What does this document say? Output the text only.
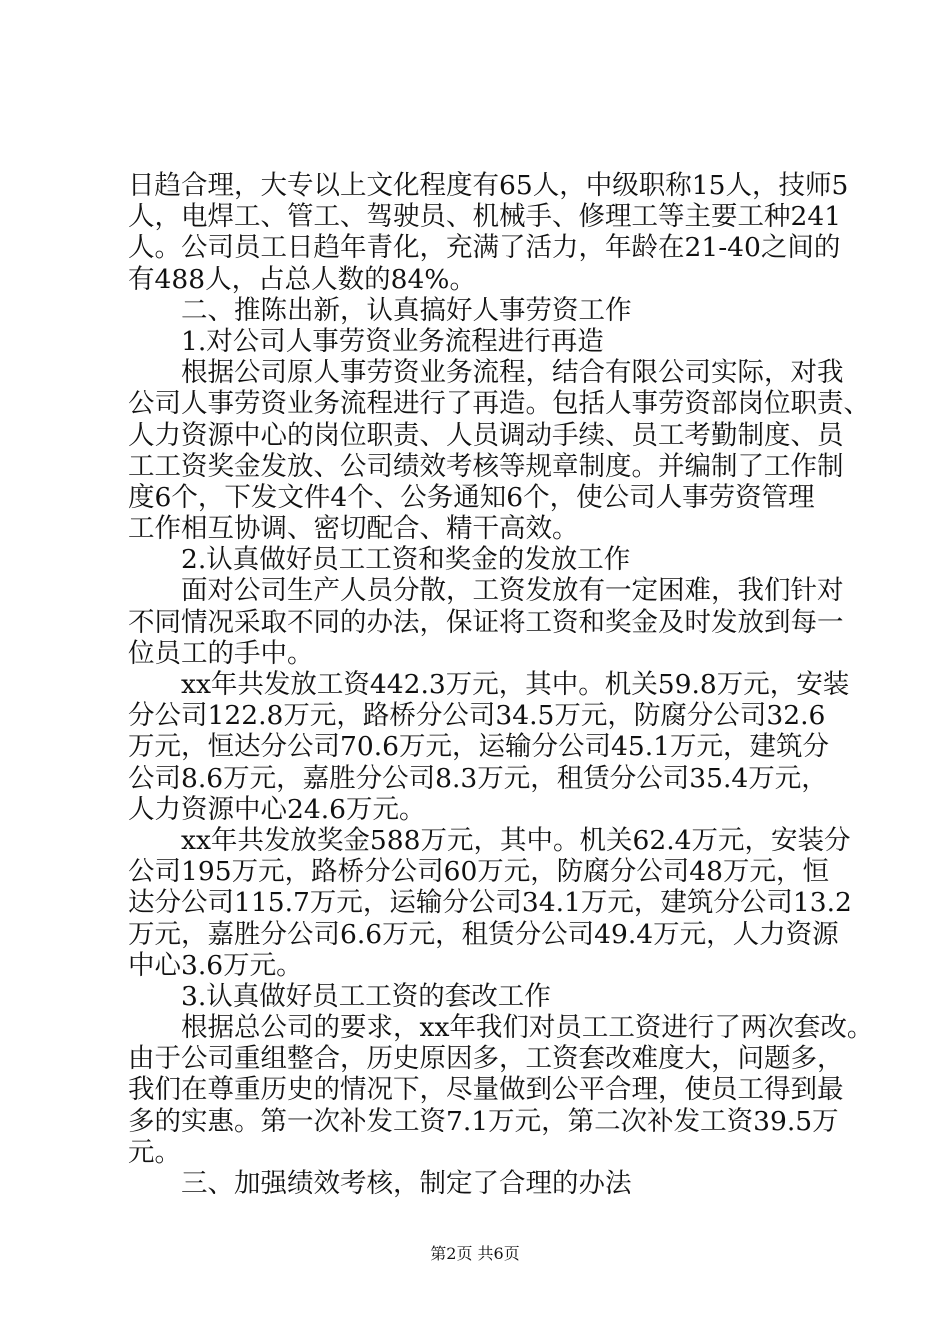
日趋合理，大专以上文化程度有65人，中级职称15人，技师5
人，电焊工、管工、驾驶员、机械手、修理工等主要工种241
人。公司员工日趋年青化，充满了活力，年龄在21-40之间的
有488人，占总人数的84%。
二、推陈出新，认真搞好人事劳资工作
1.对公司人事劳资业务流程进行再造
根据公司原人事劳资业务流程，结合有限公司实际，对我
公司人事劳资业务流程进行了再造。包括人事劳资部岗位职责、
人力资源中心的岗位职责、人员调动手续、员工考勤制度、员
工工资奖金发放、公司绩效考核等规章制度。并编制了工作制
度6个，下发文件4个、公务通知6个，使公司人事劳资管理
工作相互协调、密切配合、精干高效。
2.认真做好员工工资和奖金的发放工作
面对公司生产人员分散，工资发放有一定困难，我们针对
不同情况采取不同的办法，保证将工资和奖金及时发放到每一
位员工的手中。
xx年共发放工资442.3万元，其中。机关59.8万元，安装
分公司122.8万元，路桥分公司34.5万元，防腐分公司32.6
万元，恒达分公司70.6万元，运输分公司45.1万元，建筑分
公司8.6万元，嘉胜分公司8.3万元，租赁分公司35.4万元，
人力资源中心24.6万元。
xx年共发放奖金588万元，其中。机关62.4万元，安装分
公司195万元，路桥分公司60万元，防腐分公司48万元，恒
达分公司115.7万元，运输分公司34.1万元，建筑分公司13.2
万元，嘉胜分公司6.6万元，租赁分公司49.4万元，人力资源
中心3.6万元。
3.认真做好员工工资的套改工作
根据总公司的要求，xx年我们对员工工资进行了两次套改。
由于公司重组整合，历史原因多，工资套改难度大，问题多，
我们在尊重历史的情况下，尽量做到公平合理，使员工得到最
多的实惠。第一次补发工资7.1万元，第二次补发工资39.5万
元。
三、加强绩效考核，制定了合理的办法
第2页 共6页
